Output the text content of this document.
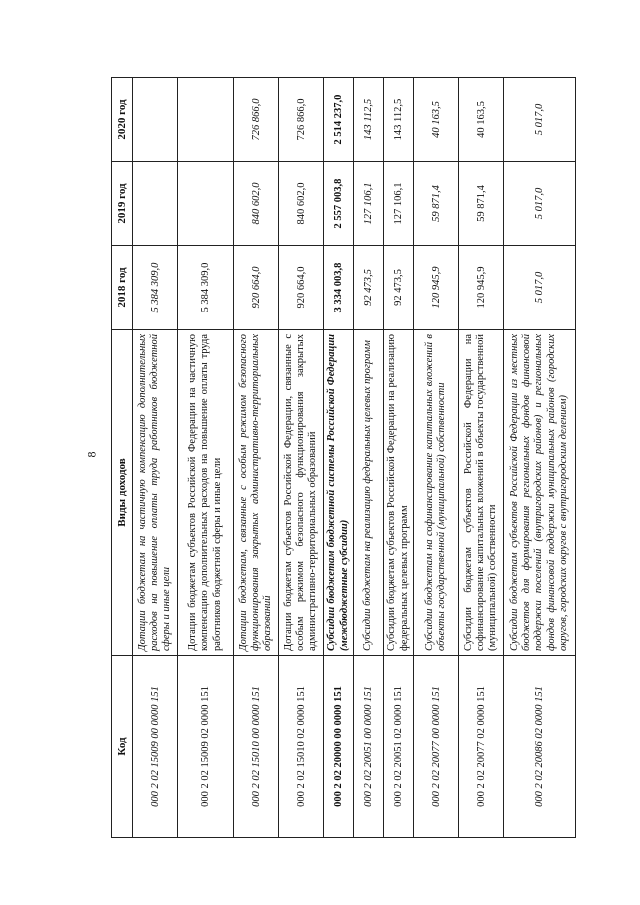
8
Код	Виды доходов	2018 год	2019 год	2020 год
000 2 02 15009 00 0000 151	Дотации бюджетам на частичную компенсацию дополнительных расходов на повышение оплаты труда работников бюджетной сферы и иные цели	5 384 309,0		
000 2 02 15009 02 0000 151	Дотации бюджетам субъектов Российской Федерации на частичную компенсацию дополнительных расходов на повышение оплаты труда работников бюджетной сферы и иные цели	5 384 309,0		
000 2 02 15010 00 0000 151	Дотации бюджетам, связанные с особым режимом безопасного функционирования закрытых административно-территориальных образований	920 664,0	840 602,0	726 866,0
000 2 02 15010 02 0000 151	Дотации бюджетам субъектов Российской Федерации, связанные с особым режимом безопасного функционирования закрытых административно-территориальных образований	920 664,0	840 602,0	726 866,0
000 2 02 20000 00 0000 151	Субсидии бюджетам бюджетной системы Российской Федерации (межбюджетные субсидии)	3 334 003,8	2 557 003,8	2 514 237,0
000 2 02 20051 00 0000 151	Субсидии бюджетам на реализацию федеральных целевых программ	92 473,5	127 106,1	143 112,5
000 2 02 20051 02 0000 151	Субсидии бюджетам субъектов Российской Федерации на реализацию федеральных целевых программ	92 473,5	127 106,1	143 112,5
000 2 02 20077 00 0000 151	Субсидии бюджетам на софинансирование капитальных вложений в объекты государственной (муниципальной) собственности	120 945,9	59 871,4	40 163,5
000 2 02 20077 02 0000 151	Субсидии бюджетам субъектов Российской Федерации на софинансирование капитальных вложений в объекты государственной (муниципальной) собственности	120 945,9	59 871,4	40 163,5
000 2 02 20086 02 0000 151	Субсидии бюджетам субъектов Российской Федерации из местных бюджетов для формирования региональных фондов финансовой поддержки поселений (внутригородских районов) и региональных фондов финансовой поддержки муниципальных районов (городских округов, городских округов с внутригородским делением)	5 017,0	5 017,0	5 017,0
